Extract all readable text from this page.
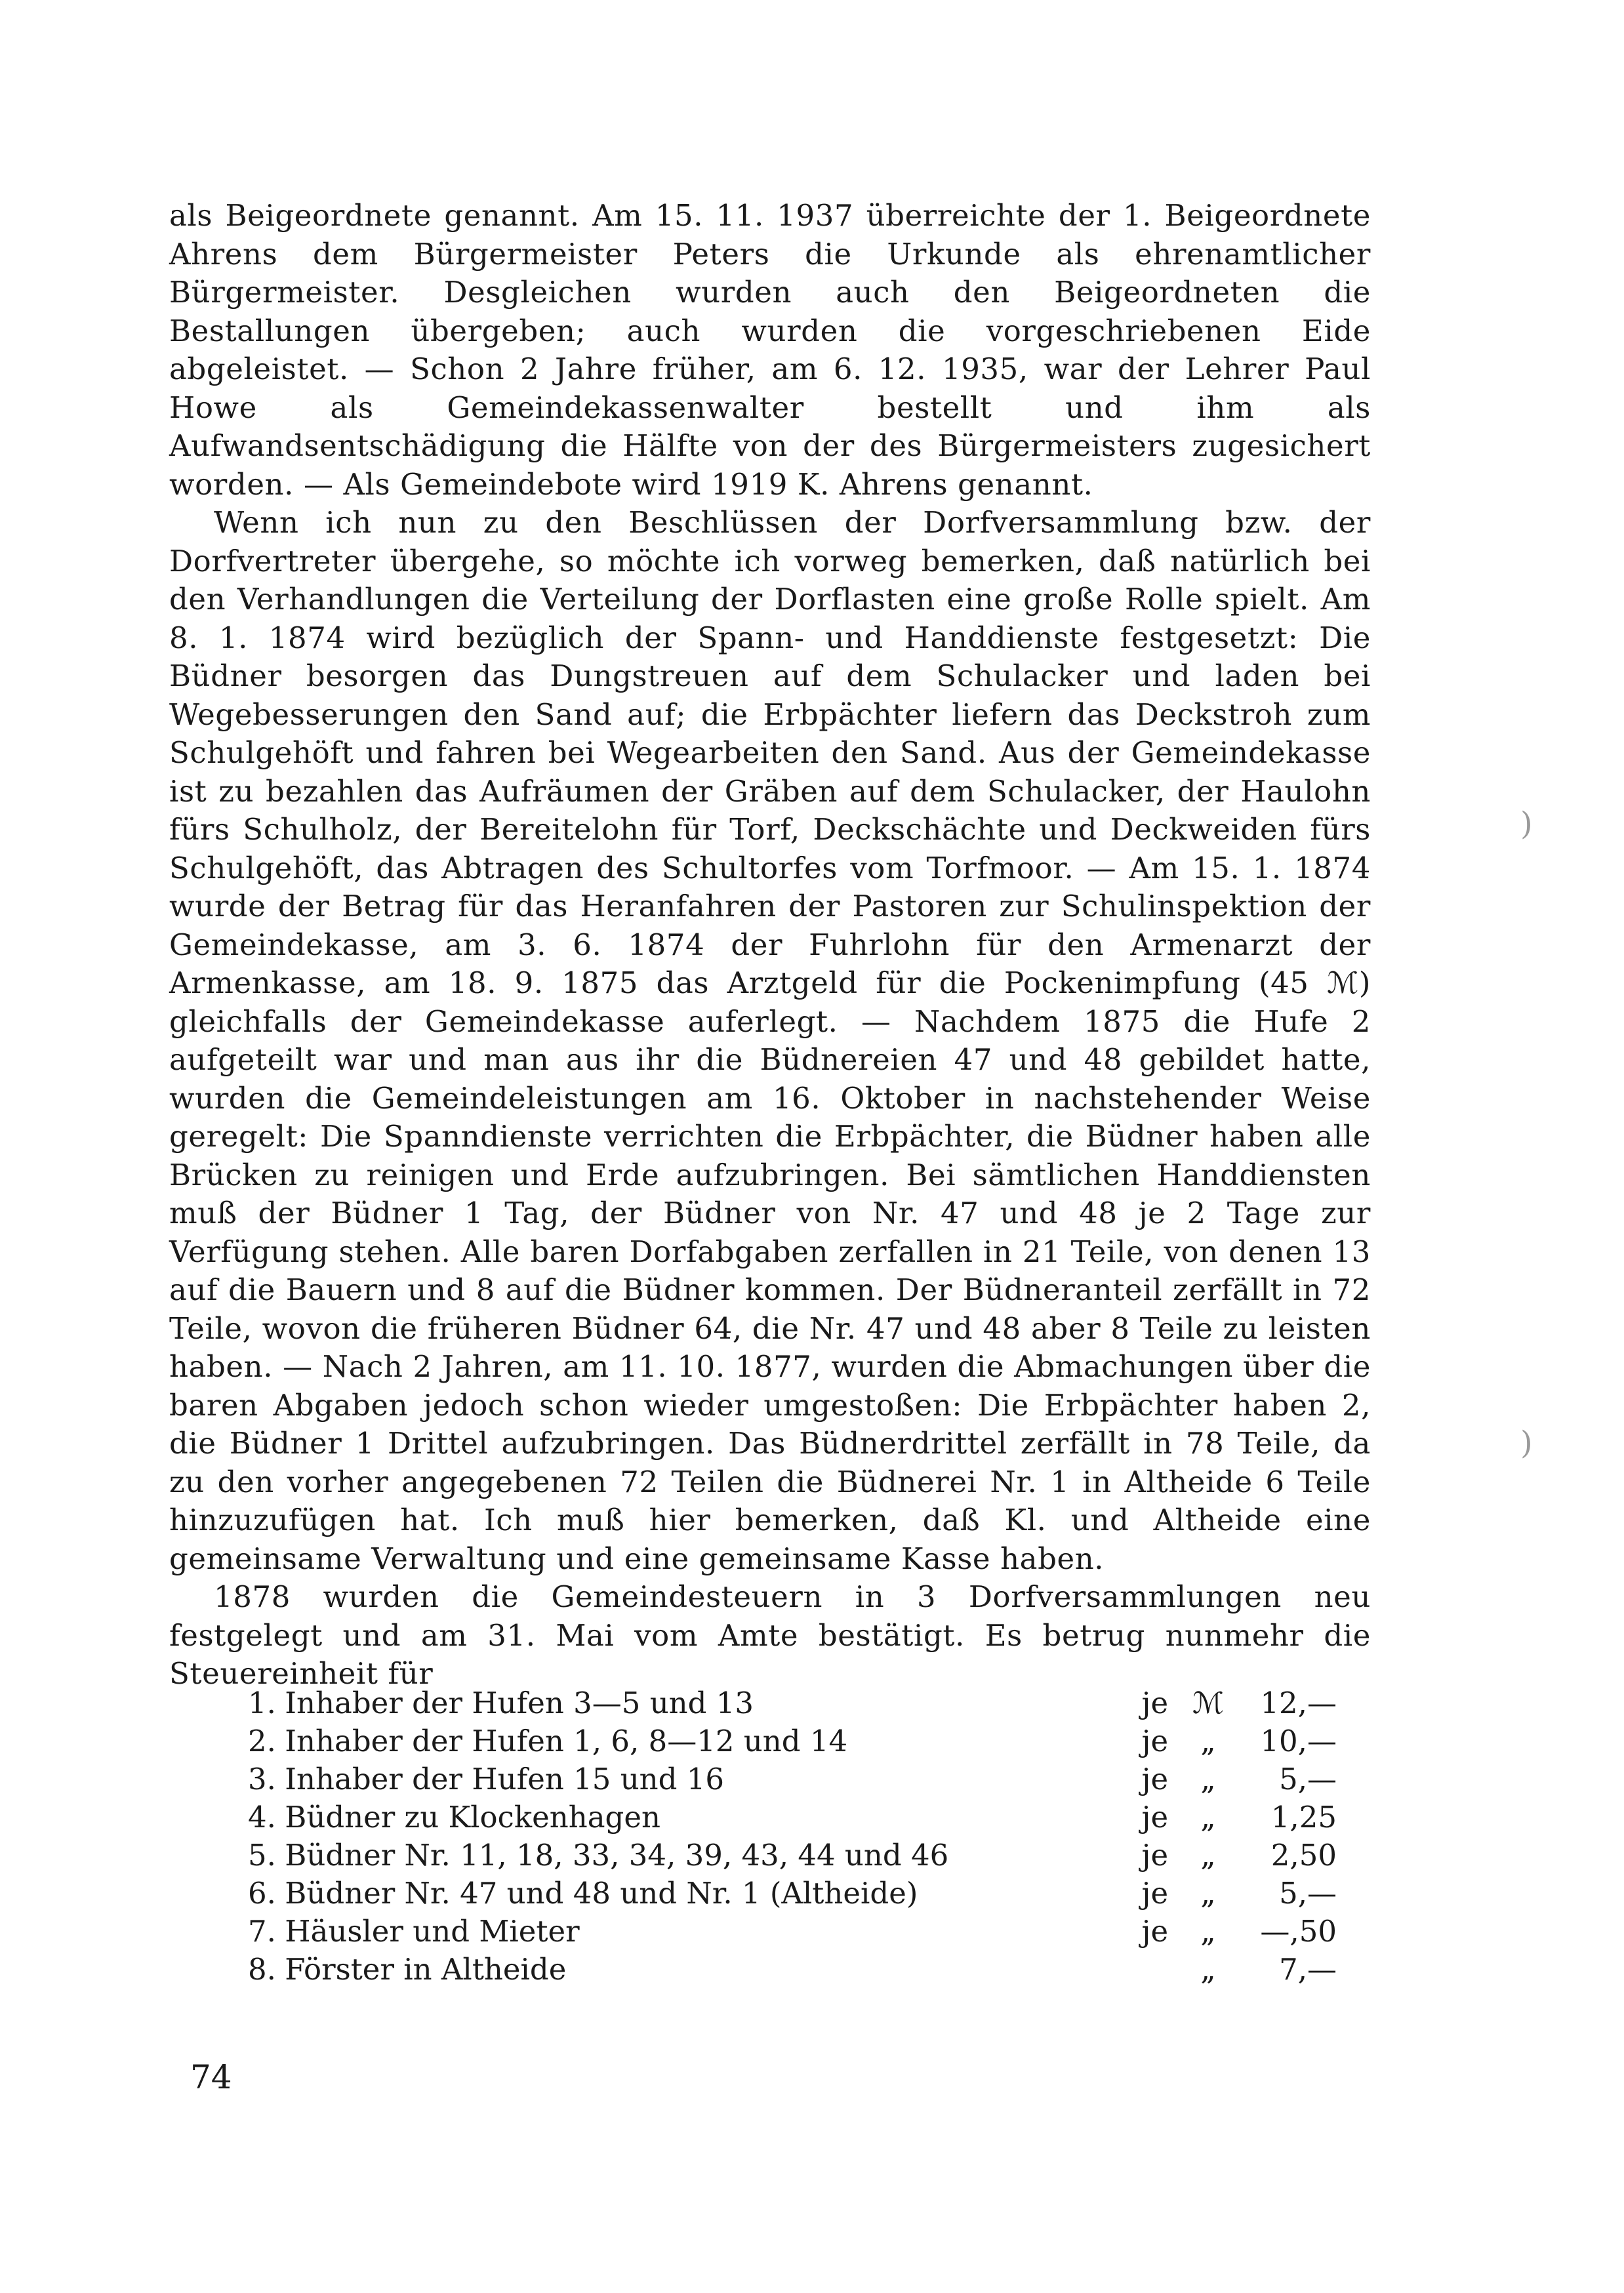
als Beigeordnete genannt. Am 15. 11. 1937 überreichte der 1. Beigeordnete Ahrens dem Bürgermeister Peters die Urkunde als ehrenamtlicher Bürgermeister. Desgleichen wurden auch den Beigeordneten die Bestallungen übergeben; auch wurden die vorgeschriebenen Eide abgeleistet. — Schon 2 Jahre früher, am 6. 12. 1935, war der Lehrer Paul Howe als Gemeindekassenwalter bestellt und ihm als Aufwandsentschädigung die Hälfte von der des Bürgermeisters zugesichert worden. — Als Gemeindebote wird 1919 K. Ahrens genannt.

Wenn ich nun zu den Beschlüssen der Dorfversammlung bzw. der Dorfvertreter übergehe, so möchte ich vorweg bemerken, daß natürlich bei den Verhandlungen die Verteilung der Dorflasten eine große Rolle spielt. Am 8. 1. 1874 wird bezüglich der Spann- und Handdienste festgesetzt: Die Büdner besorgen das Dungstreuen auf dem Schulacker und laden bei Wegebesserungen den Sand auf; die Erbpächter liefern das Deckstroh zum Schulgehöft und fahren bei Wegearbeiten den Sand. Aus der Gemeindekasse ist zu bezahlen das Aufräumen der Gräben auf dem Schulacker, der Haulohn fürs Schulholz, der Bereitelohn für Torf, Deckschächte und Deckweiden fürs Schulgehöft, das Abtragen des Schultorfes vom Torfmoor. — Am 15. 1. 1874 wurde der Betrag für das Heranfahren der Pastoren zur Schulinspektion der Gemeindekasse, am 3. 6. 1874 der Fuhrlohn für den Armenarzt der Armenkasse, am 18. 9. 1875 das Arztgeld für die Pockenimpfung (45 ℳ) gleichfalls der Gemeindekasse auferlegt. — Nachdem 1875 die Hufe 2 aufgeteilt war und man aus ihr die Büdnereien 47 und 48 gebildet hatte, wurden die Gemeindeleistungen am 16. Oktober in nachstehender Weise geregelt: Die Spanndienste verrichten die Erbpächter, die Büdner haben alle Brücken zu reinigen und Erde aufzubringen. Bei sämtlichen Handdiensten muß der Büdner 1 Tag, der Büdner von Nr. 47 und 48 je 2 Tage zur Verfügung stehen. Alle baren Dorfabgaben zerfallen in 21 Teile, von denen 13 auf die Bauern und 8 auf die Büdner kommen. Der Büdneranteil zerfällt in 72 Teile, wovon die früheren Büdner 64, die Nr. 47 und 48 aber 8 Teile zu leisten haben. — Nach 2 Jahren, am 11. 10. 1877, wurden die Abmachungen über die baren Abgaben jedoch schon wieder umgestoßen: Die Erbpächter haben 2, die Büdner 1 Drittel aufzubringen. Das Büdnerdrittel zerfällt in 78 Teile, da zu den vorher angegebenen 72 Teilen die Büdnerei Nr. 1 in Altheide 6 Teile hinzuzufügen hat. Ich muß hier bemerken, daß Kl. und Altheide eine gemeinsame Verwaltung und eine gemeinsame Kasse haben.

1878 wurden die Gemeindesteuern in 3 Dorfversammlungen neu festgelegt und am 31. Mai vom Amte bestätigt. Es betrug nunmehr die Steuereinheit für

1.	Inhaber der Hufen 3—5 und 13	je	ℳ	12,—
2.	Inhaber der Hufen 1, 6, 8—12 und 14	je	„	10,—
3.	Inhaber der Hufen 15 und 16	je	„	5,—
4.	Büdner zu Klockenhagen	je	„	1,25
5.	Büdner Nr. 11, 18, 33, 34, 39, 43, 44 und 46	je	„	2,50
6.	Büdner Nr. 47 und 48 und Nr. 1 (Altheide)	je	„	5,—
7.	Häusler und Mieter	je	„	—,50
8.	Förster in Altheide		„	7,—
)
)
74
